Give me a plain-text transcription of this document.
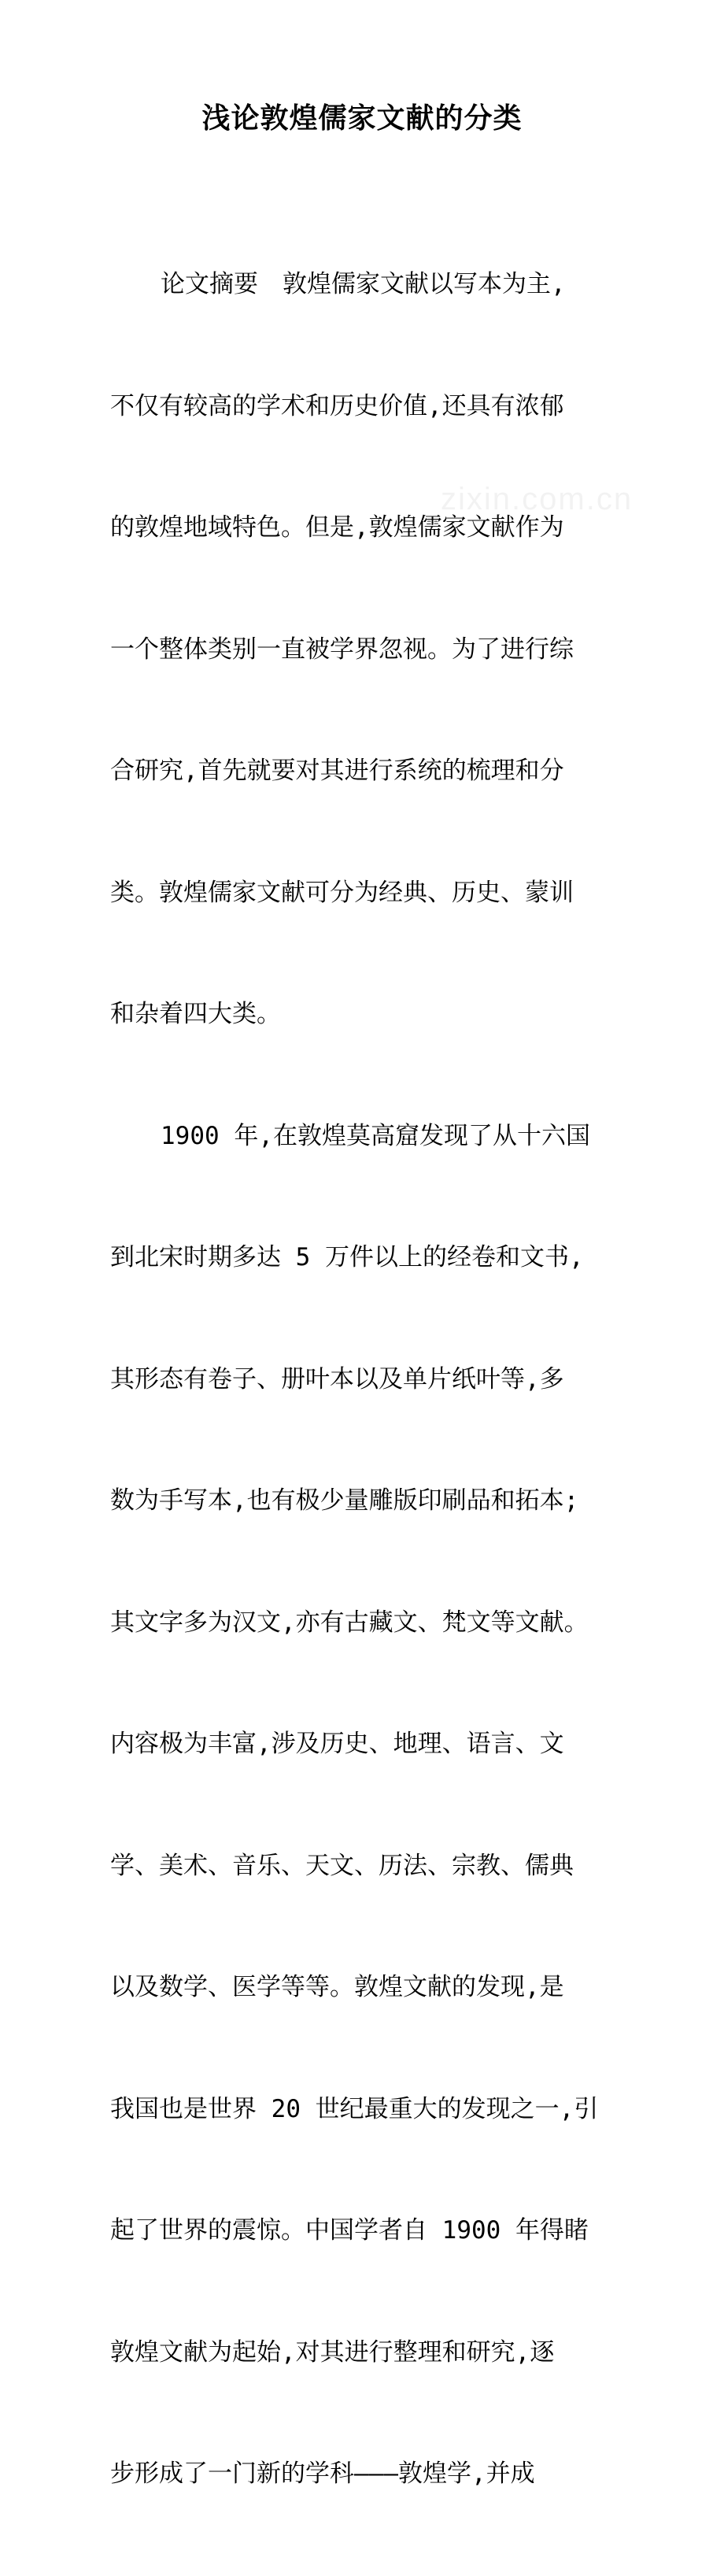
zixin.com.cn
浅论敦煌儒家文献的分类

论文摘要　敦煌儒家文献以写本为主,

不仅有较高的学术和历史价值,还具有浓郁

的敦煌地域特色。但是,敦煌儒家文献作为

一个整体类别一直被学界忽视。为了进行综

合研究,首先就要对其进行系统的梳理和分

类。敦煌儒家文献可分为经典、历史、蒙训

和杂着四大类。

1900 年,在敦煌莫高窟发现了从十六国

到北宋时期多达 5 万件以上的经卷和文书,

其形态有卷子、册叶本以及单片纸叶等,多

数为手写本,也有极少量雕版印刷品和拓本;

其文字多为汉文,亦有古藏文、梵文等文献。

内容极为丰富,涉及历史、地理、语言、文

学、美术、音乐、天文、历法、宗教、儒典

以及数学、医学等等。敦煌文献的发现,是

我国也是世界 20 世纪最重大的发现之一,引

起了世界的震惊。中国学者自 1900 年得睹

敦煌文献为起始,对其进行整理和研究,逐

步形成了一门新的学科———敦煌学,并成
